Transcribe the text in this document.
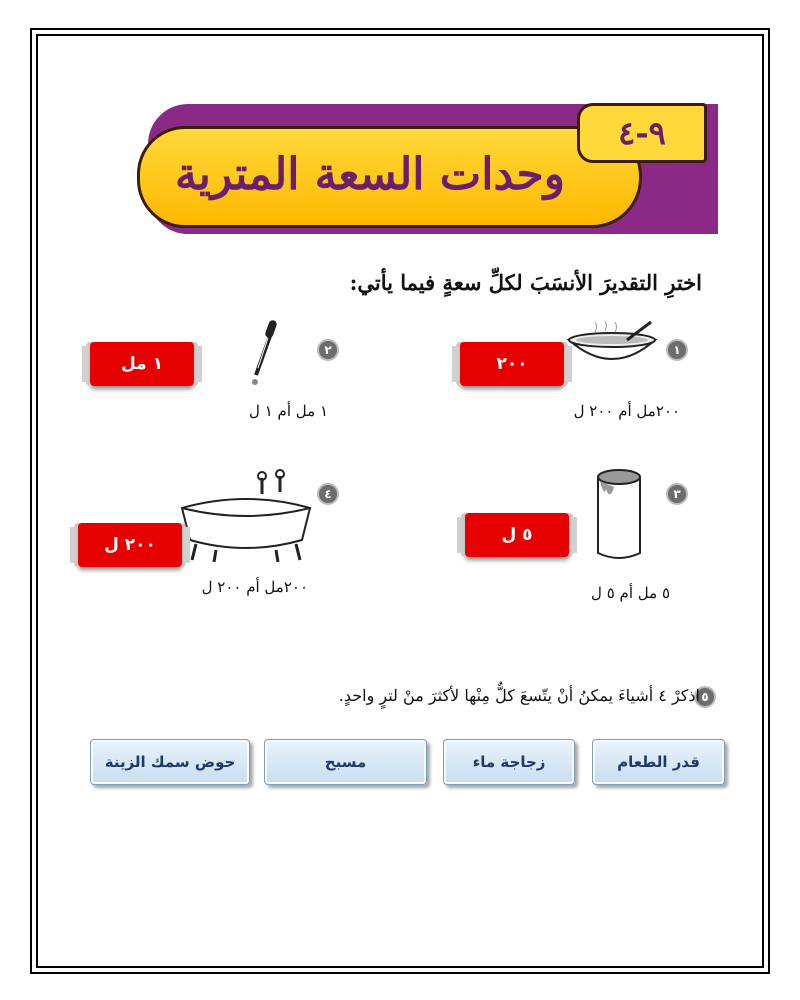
وحدات السعة المترية
٩-٤
اخترِ التقديرَ الأنسَبَ لكلِّ سعةٍ فيما يأتي:
١
٢٠٠
٢٠٠مل أم ٢٠٠ ل
٢
١ مل
١ مل أم ١ ل
٣
٥ ل
٥ مل أم ٥ ل
٤
٢٠٠ ل
٢٠٠مل أم ٢٠٠ ل
٥
اذكرْ ٤ أشياءَ يمكنُ أنْ يتّسعَ كلٌّ مِنْها لأكثرَ منْ لترٍ واحدٍ.
قدر الطعام
زجاجة ماء
مسبح
حوض سمك الزينة
